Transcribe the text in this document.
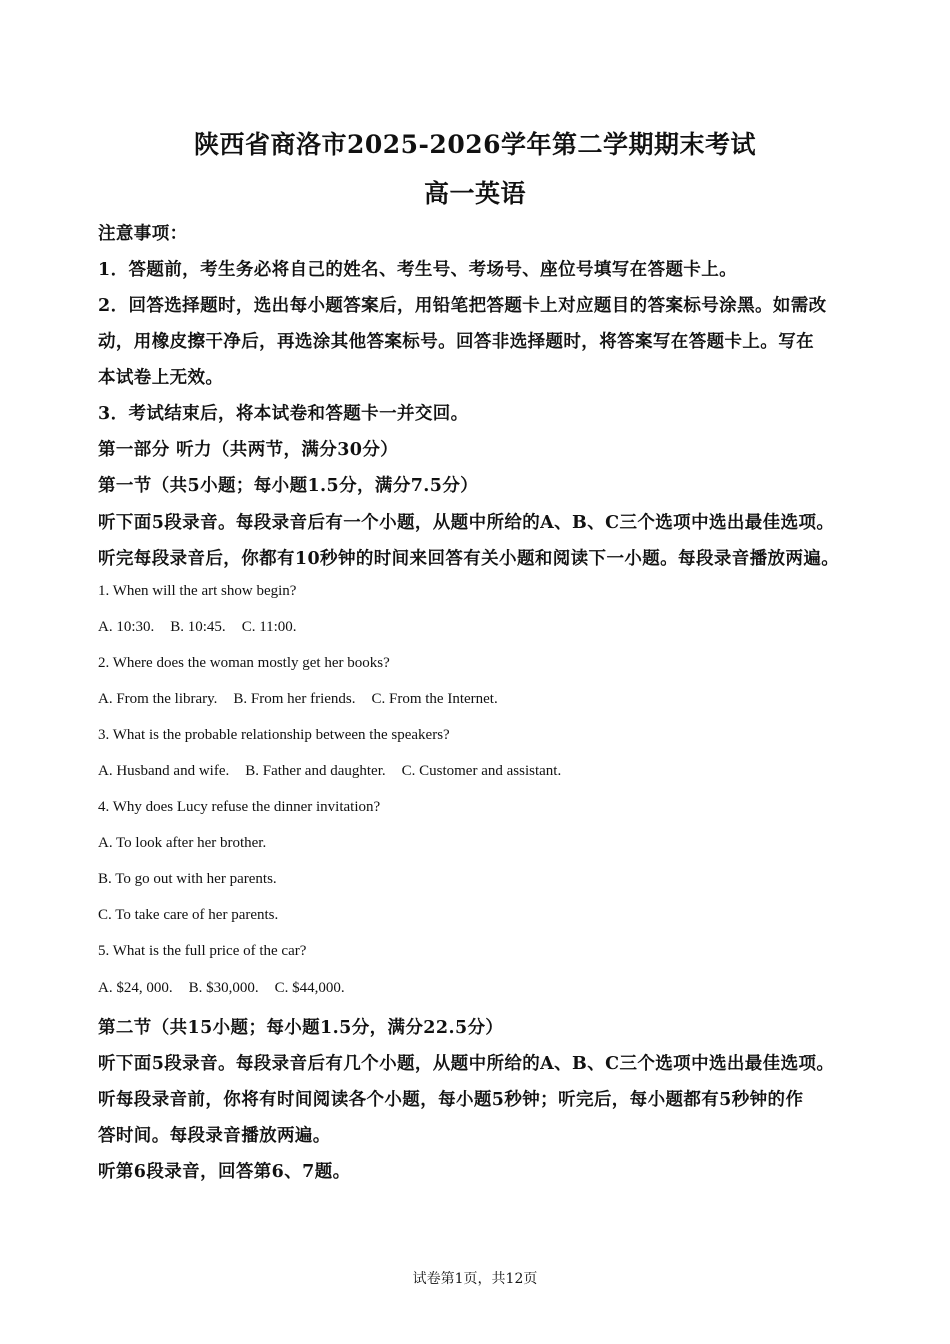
陕西省商洛市2025-2026学年第二学期期末考试
高一英语
注意事项：
1．答题前，考生务必将自己的姓名、考生号、考场号、座位号填写在答题卡上。
2．回答选择题时，选出每小题答案后，用铅笔把答题卡上对应题目的答案标号涂黑。如需改
动，用橡皮擦干净后，再选涂其他答案标号。回答非选择题时，将答案写在答题卡上。写在
本试卷上无效。
3．考试结束后，将本试卷和答题卡一并交回。
第一部分 听力（共两节，满分30分）
第一节（共5小题；每小题1.5分，满分7.5分）
听下面5段录音。每段录音后有一个小题，从题中所给的A、B、C三个选项中选出最佳选项。
听完每段录音后，你都有10秒钟的时间来回答有关小题和阅读下一小题。每段录音播放两遍。
1. When will the art show begin?
A. 10:30. B. 10:45. C. 11:00.
2. Where does the woman mostly get her books?
A. From the library. B. From her friends. C. From the Internet.
3. What is the probable relationship between the speakers?
A. Husband and wife. B. Father and daughter. C. Customer and assistant.
4. Why does Lucy refuse the dinner invitation?
A. To look after her brother.
B. To go out with her parents.
C. To take care of her parents.
5. What is the full price of the car?
A. $24, 000. B. $30,000. C. $44,000.
第二节（共15小题；每小题1.5分，满分22.5分）
听下面5段录音。每段录音后有几个小题，从题中所给的A、B、C三个选项中选出最佳选项。
听每段录音前，你将有时间阅读各个小题，每小题5秒钟；听完后，每小题都有5秒钟的作
答时间。每段录音播放两遍。
听第6段录音，回答第6、7题。
试卷第1页，共12页
